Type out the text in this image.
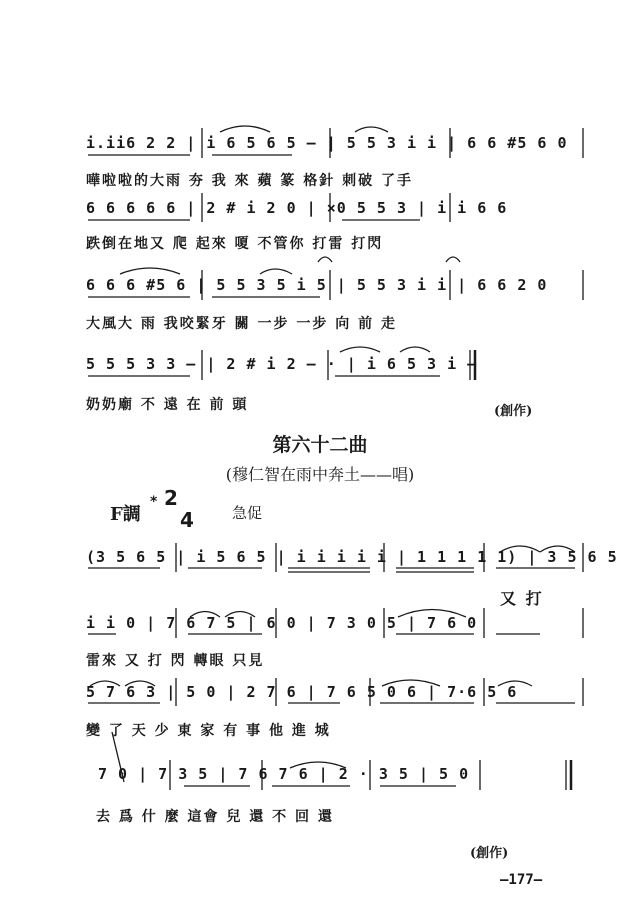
i.ii6 2 2 | i 6 5 6 5 — | 5 5 3 i i | 6 6 #5 6 0
嘩啦啦的大雨 夯 我 來 蘋 篆 格針 刺破 了手
6 6 6 6 6 | 2 # i 2 0 | ×0 5 5 3 | i i 6 6
跌倒在地又 爬 起來 嗄 不管你 打雷 打閃
6 6 6 #5 6 | 5 5 3 5 i 5 | 5 5 3 i i | 6 6 2 0
大風大 雨 我咬緊牙 關 一步 一步 向 前 走
5 5 5 3 3 — | 2 # i 2 — · | i 6 5 3 i —
奶奶廟 不 遠 在 前 頭	(創作)
第六十二曲
(穆仁智在雨中奔土——唱)
F調
* 2
4	急促
(3 5 6 5 | i 5 6 5 | i i i i i | 1 1 1 1 1) | 3 5 6 5
又 打
i i 0 | 7 6 7 5 | 6 0 | 7 3 0 5 | 7 6 0
雷來 又 打 閃 轉眼 只見
5 7 6 3 | 5 0 | 2 7 6 | 7 6 5 0 6 | 7·6 5 6
變 了 天 少 東 家 有 事 他 進 城
7 0 | 7 3 5 | 7 6 7 6 | 2 · 3 5 | 5 0
去 爲 什 麼 這會 兒 還 不 回 還
(創作)
—177—
